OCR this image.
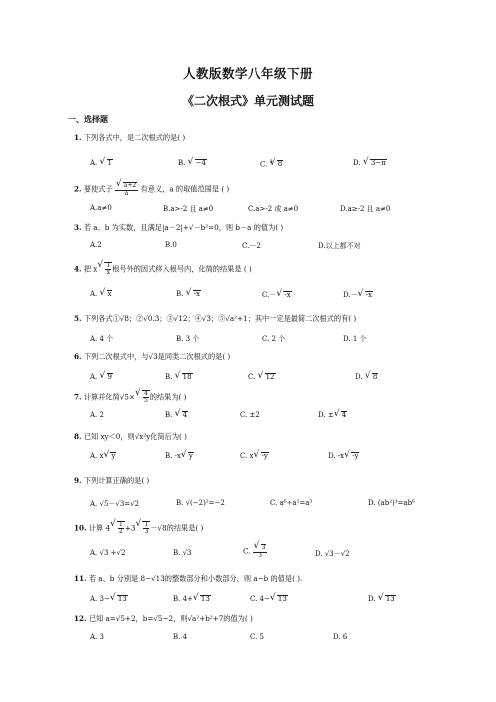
人教版数学八年级下册
《二次根式》单元测试题
一、选择题
1. 下列各式中，是二次根式的是( )
A. √ 1	B. √ −4	C. $^3$ √ 8	D. √ 3−π
2. 要使式子 √ $\frac{a+2}{a}$ 有意义，a 的取值范围是 ( )
A.a≠0	B.a>-2 且 a≠0	C.a>-2 或 a≠0	D.a≥-2 且 a≠0
3. 若 a、b 为实数，且满足|a－2|+√－b²=0，则 b－a 的值为( )
A.2	B.0	C.－2	D.以上都不对
4. 把 x √ $\frac{1}{x}$ 根号外的因式移入根号内，化简的结果是 ( )
A. √ x	B. √ -x	C.－ √ -x	D.－ √ -x
5. 下列各式①√8；②√0.3；③√12；④√3；⑤√a²+1；其中一定是最简二次根式的有( )
A. 4 个	B. 3 个	C. 2 个	D. 1 个
6. 下列二次根式中，与√3是同类二次根式的是( )
A. √ 9	B. √ 18	C. √ 12	D. √ 8
7. 计算并化简√5× √ $\frac{4}{5}$ 的结果为( )
A. 2	B. √ 4	C. ±2	D. ± √ 4
8. 已知 xy＜0，则√x²y化简后为( )
A. x √ y	B. -x √ y	C. x √ -y	D. -x √ -y
9. 下列计算正确的是( )
A. √5－√3=√2	B. √(−2)²=−2	C. a⁶÷a²=a³	D. (ab²)³=ab⁶
10. 计算 4 √ $\frac{1}{2} +3$ √ $\frac{1}{3} -√8$的结果是( )
A. √3 +√2	B. √3	C. √ $\frac{3}{3}$	D. √3－√2
11. 若 a、b 分别是 8−√13的整数部分和小数部分，则 a−b 的值是( ).
A. 3− √ 13	B. 4+ √ 13	C. 4− √ 13	D. √ 13
12. 已知 a=√5+2，b=√5−2，则√a²+b²+7的值为( )
A. 3	B. 4	C. 5	D. 6
